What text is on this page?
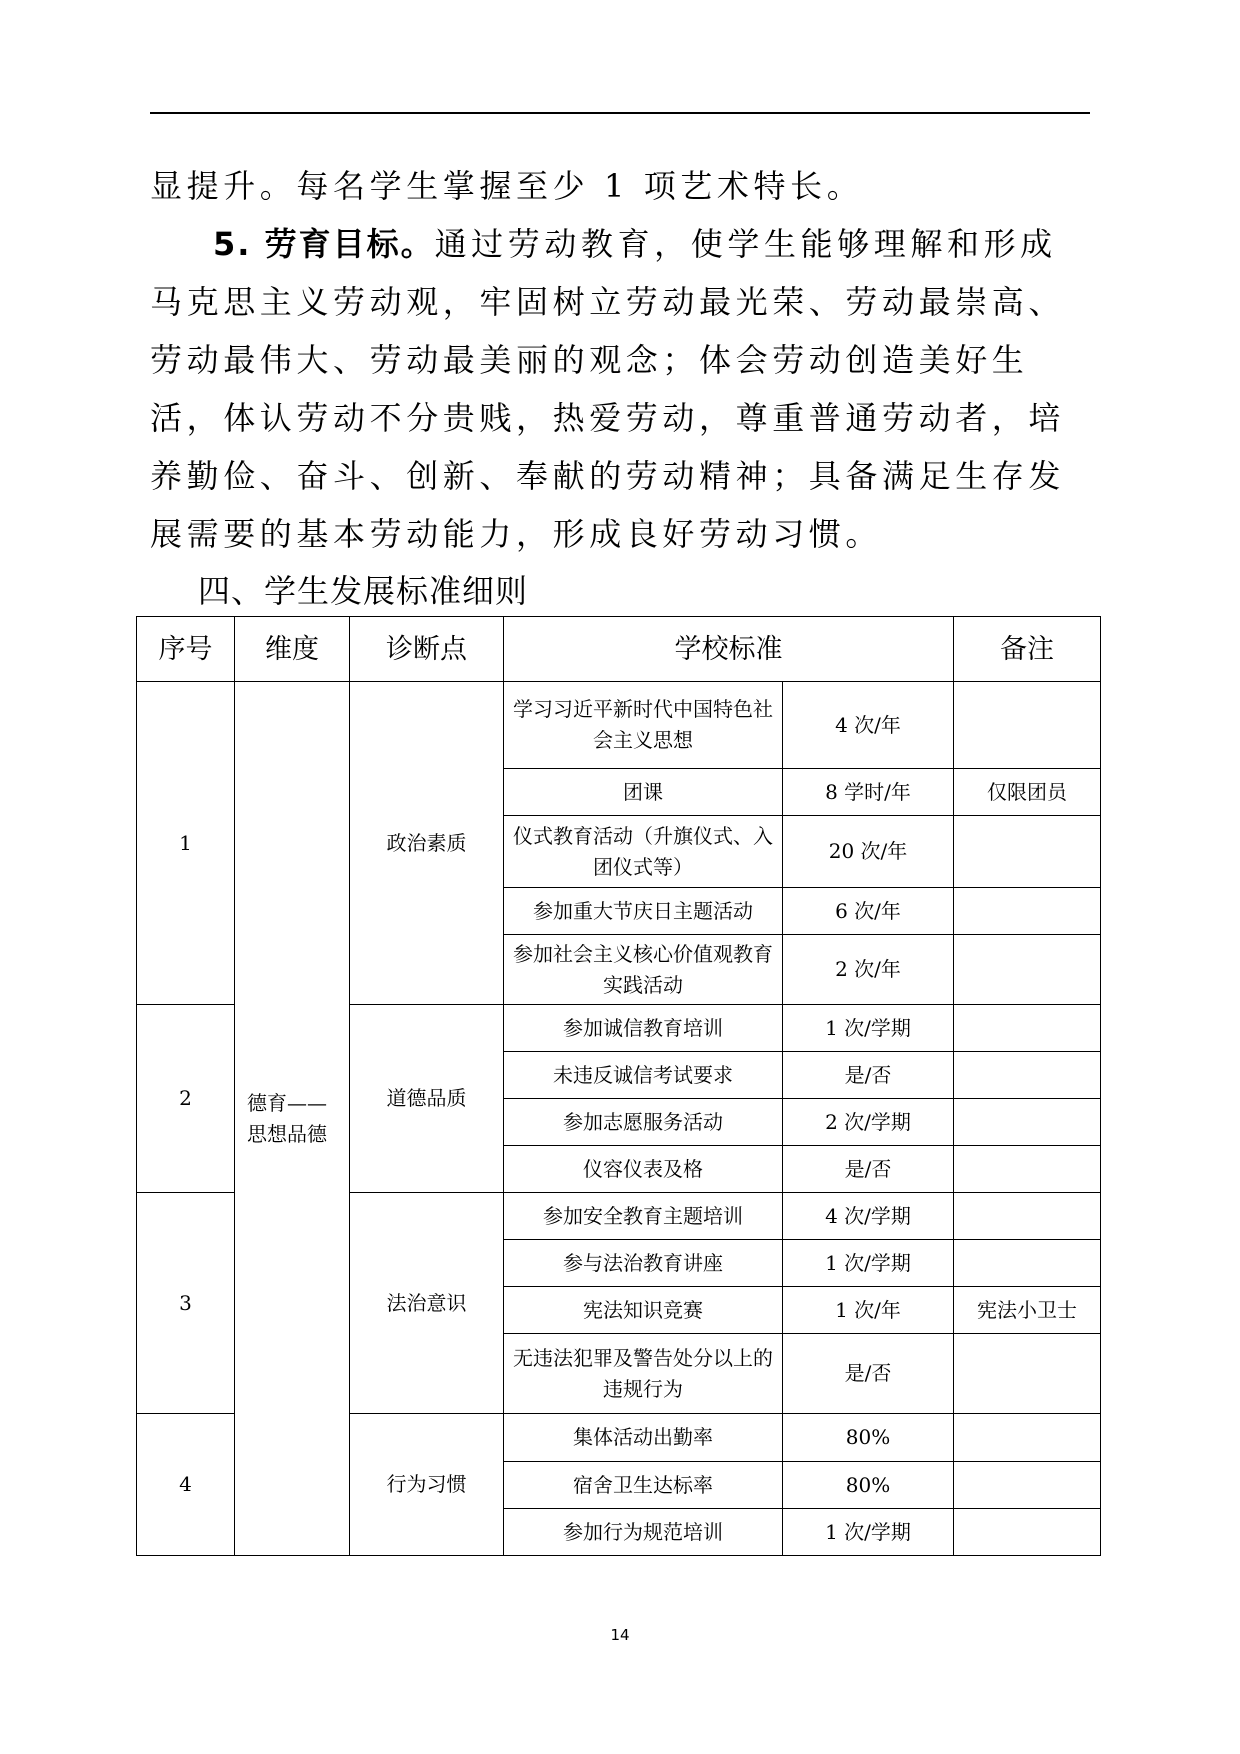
显提升。每名学生掌握至少 1 项艺术特长。

5. 劳育目标。通过劳动教育，使学生能够理解和形成马克思主义劳动观，牢固树立劳动最光荣、劳动最崇高、劳动最伟大、劳动最美丽的观念；体会劳动创造美好生活，体认劳动不分贵贱，热爱劳动，尊重普通劳动者，培养勤俭、奋斗、创新、奉献的劳动精神；具备满足生存发展需要的基本劳动能力，形成良好劳动习惯。

四、学生发展标准细则
序号	维度	诊断点	学校标准		备注
1	德育——
思想品德	政治素质	学习习近平新时代中国特色社会主义思想	4 次/年	
			团课	8 学时/年	仅限团员
			仪式教育活动（升旗仪式、入团仪式等）	20 次/年	
			参加重大节庆日主题活动	6 次/年	
			参加社会主义核心价值观教育实践活动	2 次/年	
2		道德品质	参加诚信教育培训	1 次/学期	
			未违反诚信考试要求	是/否	
			参加志愿服务活动	2 次/学期	
			仪容仪表及格	是/否	
3		法治意识	参加安全教育主题培训	4 次/学期	
			参与法治教育讲座	1 次/学期	
			宪法知识竞赛	1 次/年	宪法小卫士
			无违法犯罪及警告处分以上的违规行为	是/否	
4		行为习惯	集体活动出勤率	80%	
			宿舍卫生达标率	80%	
			参加行为规范培训	1 次/学期	
14
